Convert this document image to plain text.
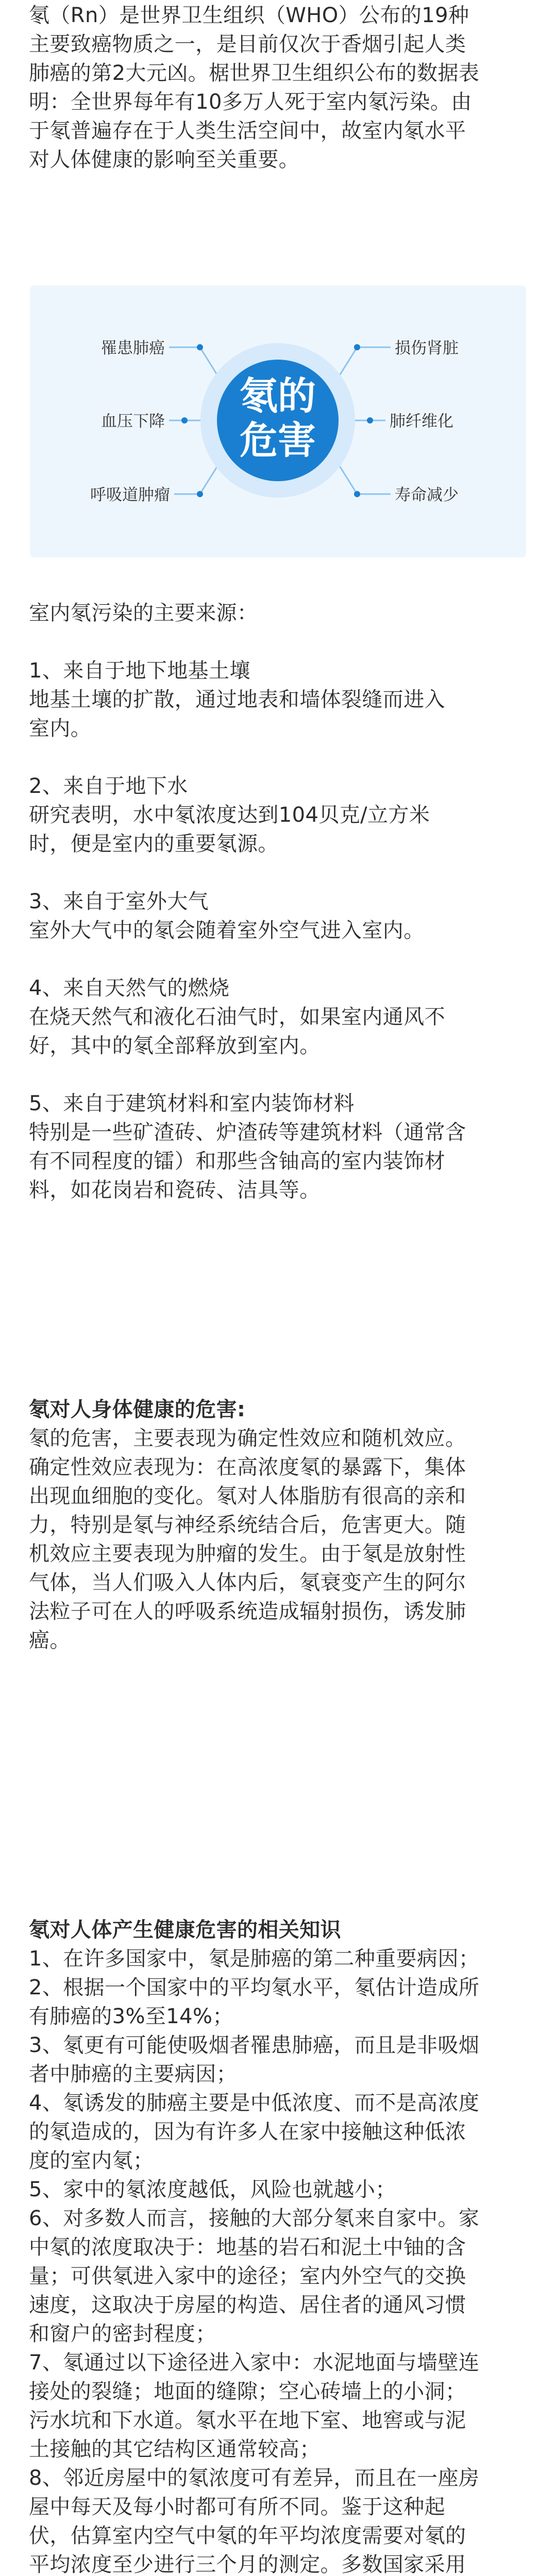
氡（Rn）是世界卫生组织（WHO）公布的19种

主要致癌物质之一，是目前仅次于香烟引起人类

肺癌的第2大元凶。椐世界卫生组织公布的数据表

明：全世界每年有10多万人死于室内氡污染。由

于氡普遍存在于人类生活空间中，故室内氡水平

对人体健康的影响至关重要。

氡的
危害
罹患肺癌
血压下降
呼吸道肿瘤
损伤肾脏
肺纤维化
寿命减少

室内氡污染的主要来源：

1、来自于地下地基土壤

地基土壤的扩散，通过地表和墙体裂缝而进入

室内。

2、来自于地下水

研究表明，水中氡浓度达到104贝克/立方米

时，便是室内的重要氡源。

3、来自于室外大气

室外大气中的氡会随着室外空气进入室内。

4、来自天然气的燃烧

在烧天然气和液化石油气时，如果室内通风不

好，其中的氡全部释放到室内。

5、来自于建筑材料和室内装饰材料

特别是一些矿渣砖、炉渣砖等建筑材料（通常含

有不同程度的镭）和那些含铀高的室内装饰材

料，如花岗岩和瓷砖、洁具等。

氡对人身体健康的危害:

氡的危害，主要表现为确定性效应和随机效应。

确定性效应表现为：在高浓度氡的暴露下，集体

出现血细胞的变化。氡对人体脂肪有很高的亲和

力，特别是氡与神经系统结合后，危害更大。随

机效应主要表现为肿瘤的发生。由于氡是放射性

气体，当人们吸入人体内后，氡衰变产生的阿尔

法粒子可在人的呼吸系统造成辐射损伤，诱发肺

癌。

氡对人体产生健康危害的相关知识

1、在许多国家中，氡是肺癌的第二种重要病因；

2、根据一个国家中的平均氡水平，氡估计造成所

有肺癌的3%至14%；

3、氡更有可能使吸烟者罹患肺癌，而且是非吸烟

者中肺癌的主要病因；

4、氡诱发的肺癌主要是中低浓度、而不是高浓度

的氡造成的，因为有许多人在家中接触这种低浓

度的室内氡；

5、家中的氡浓度越低，风险也就越小；

6、对多数人而言，接触的大部分氡来自家中。家

中氡的浓度取决于：地基的岩石和泥土中铀的含

量；可供氡进入家中的途径；室内外空气的交换

速度，这取决于房屋的构造、居住者的通风习惯

和窗户的密封程度；

7、氡通过以下途径进入家中：水泥地面与墙壁连

接处的裂缝；地面的缝隙；空心砖墙上的小洞；

污水坑和下水道。氡水平在地下室、地窖或与泥

土接触的其它结构区通常较高；

8、邻近房屋中的氡浓度可有差异，而且在一座房

屋中每天及每小时都可有所不同。鉴于这种起

伏，估算室内空气中氡的年平均浓度需要对氡的

平均浓度至少进行三个月的测定。多数国家采用
